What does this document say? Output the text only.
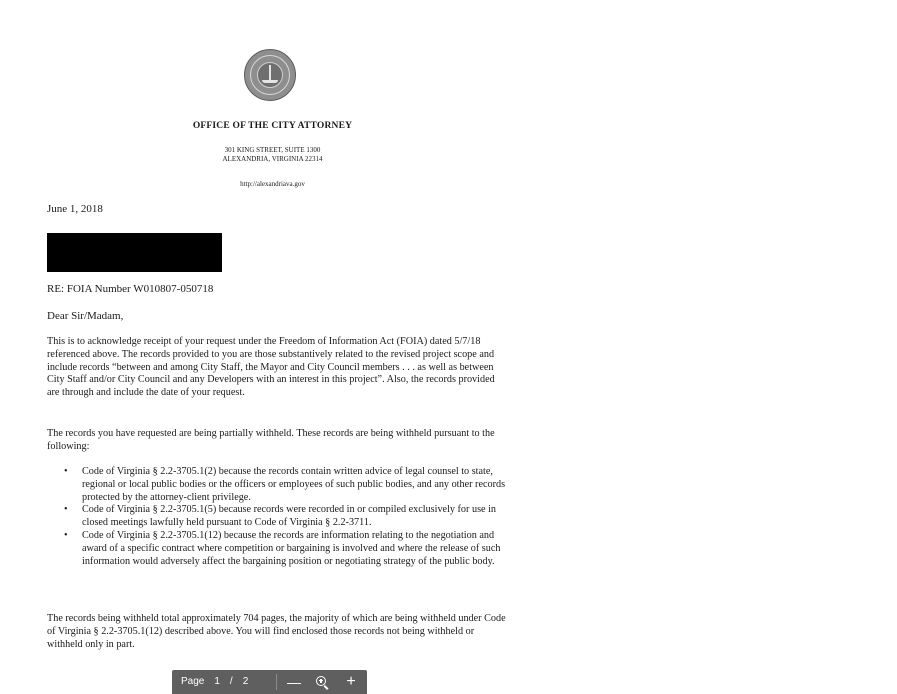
OFFICE OF THE CITY ATTORNEY
301 KING STREET, SUITE 1300
ALEXANDRIA, VIRGINIA 22314
http://alexandriava.gov
June 1, 2018
RE: FOIA Number W010807-050718
Dear Sir/Madam,

This is to acknowledge receipt of your request under the Freedom of Information Act (FOIA) dated 5/7/18 referenced above. The records provided to you are those substantively related to the revised project scope and include records “between and among City Staff, the Mayor and City Council members . . . as well as between City Staff and/or City Council and any Developers with an interest in this project”. Also, the records provided are through and include the date of your request.

The records you have requested are being partially withheld. These records are being withheld pursuant to the following:

• Code of Virginia § 2.2-3705.1(2) because the records contain written advice of legal counsel to state, regional or local public bodies or the officers or employees of such public bodies, and any other records protected by the attorney-client privilege.
• Code of Virginia § 2.2-3705.1(5) because records were recorded in or compiled exclusively for use in closed meetings lawfully held pursuant to Code of Virginia § 2.2-3711.
• Code of Virginia § 2.2-3705.1(12) because the records are information relating to the negotiation and award of a specific contract where competition or bargaining is involved and where the release of such information would adversely affect the bargaining position or negotiating strategy of the public body.

The records being withheld total approximately 704 pages, the majority of which are being withheld under Code of Virginia § 2.2-3705.1(12) described above. You will find enclosed those records not being withheld or withheld only in part.

Page 1 / 2	—	+
